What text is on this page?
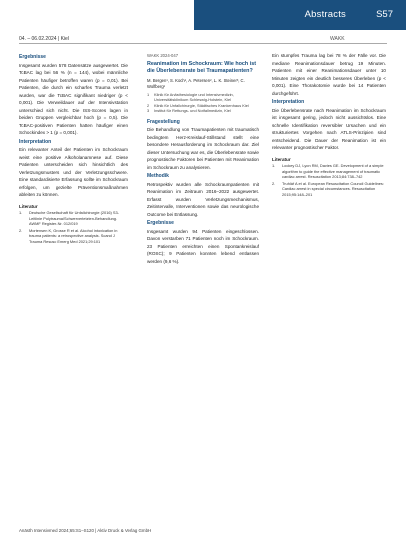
Abstracts	S57
04. – 06.02.2024 | Kiel	WAKK
Ergebnisse

Insgesamt wurden 578 Datensätze ausgewertet. Die TcBAC lag bei 56 % (n = 144), wobei männliche Patienten häufiger betroffen waren (p = 0,01). Bei Patienten, die durch ein scharfes Trauma verletzt wurden, war die TcBAC signifikant niedriger (p < 0,001). Die Verweildauer auf der Intensivstation unterschied sich nicht. Die ISS-Scores lagen in beiden Gruppen vergleichbar hoch (p = 0,5). Die TcBAC-positiven Patienten hatten häufiger einen Schockindex > 1 (p = 0,001).

Interpretation

Ein relevanter Anteil der Patienten im Schockraum weist eine positive Alkoholanamnese auf. Diese Patienten unterscheiden sich hinsichtlich des Verletzungsmusters und der Verletzungsschwere. Eine standardisierte Erfassung sollte im Schockraum erfolgen, um gezielte Präventionsmaßnahmen ableiten zu können.

Literatur
1.	Deutsche Gesellschaft für Unfallchirurgie (2016) S3-Leitlinie Polytrauma/Schwerverletzten-Behandlung. AWMF Register-Nr. 012/019
2.	Mortensen K, Grosse R et al. Alcohol intoxication in trauma patients: a retrospective analysis. Scand J Trauma Resusc Emerg Med 2021;29:101
WAKK 2024-047
Reanimation im Schockraum: Wie hoch ist die Überlebensrate bei Traumapatienten?
M. Bergen¹, S. Koch¹, A. Petersen², L. K. Steiner³, C. Wolfberg¹
1	Klinik für Anästhesiologie und Intensivmedizin, Universitätsklinikum Schleswig-Holstein, Kiel
2	Klinik für Unfallchirurgie, Städtisches Krankenhaus Kiel
3	Institut für Rettungs- und Notfallmedizin, Kiel
Fragestellung

Die Behandlung von Traumapatienten mit traumatisch bedingtem Herz-Kreislauf-Stillstand stellt eine besondere Herausforderung im Schockraum dar. Ziel dieser Untersuchung war es, die Überlebensrate sowie prognostische Faktoren bei Patienten mit Reanimation im Schockraum zu analysieren.

Methodik

Retrospektiv wurden alle Schockraumpatienten mit Reanimation im Zeitraum 2016–2022 ausgewertet. Erfasst wurden Verletzungsmechanismus, Zeitintervalle, Interventionen sowie das neurologische Outcome bei Entlassung.

Ergebnisse

Insgesamt wurden 94 Patienten eingeschlossen. Davon verstarben 71 Patienten noch im Schockraum. 23 Patienten erreichten einen Spontankreislauf (ROSC); 9 Patienten konnten lebend entlassen werden (9,6 %).

Ein stumpfes Trauma lag bei 78 % der Fälle vor. Die mediane Reanimationsdauer betrug 19 Minuten. Patienten mit einer Reanimationsdauer unter 10 Minuten zeigten ein deutlich besseres Überleben (p < 0,001). Eine Thorakotomie wurde bei 14 Patienten durchgeführt.

Interpretation

Die Überlebensrate nach Reanimation im Schockraum ist insgesamt gering, jedoch nicht aussichtslos. Eine schnelle Identifikation reversibler Ursachen und ein strukturiertes Vorgehen nach ATLS-Prinzipien sind entscheidend. Die Dauer der Reanimation ist ein relevanter prognostischer Faktor.

Literatur
1.	Lockey DJ, Lyon RM, Davies GE. Development of a simple algorithm to guide the effective management of traumatic cardiac arrest. Resuscitation 2013;84:738–742
2.	Truhlář A et al. European Resuscitation Council Guidelines: Cardiac arrest in special circumstances. Resuscitation 2015;95:148–201
Anästh Intensivmed 2024;65:S1–S120 | Aktiv Druck & Verlag GmbH
